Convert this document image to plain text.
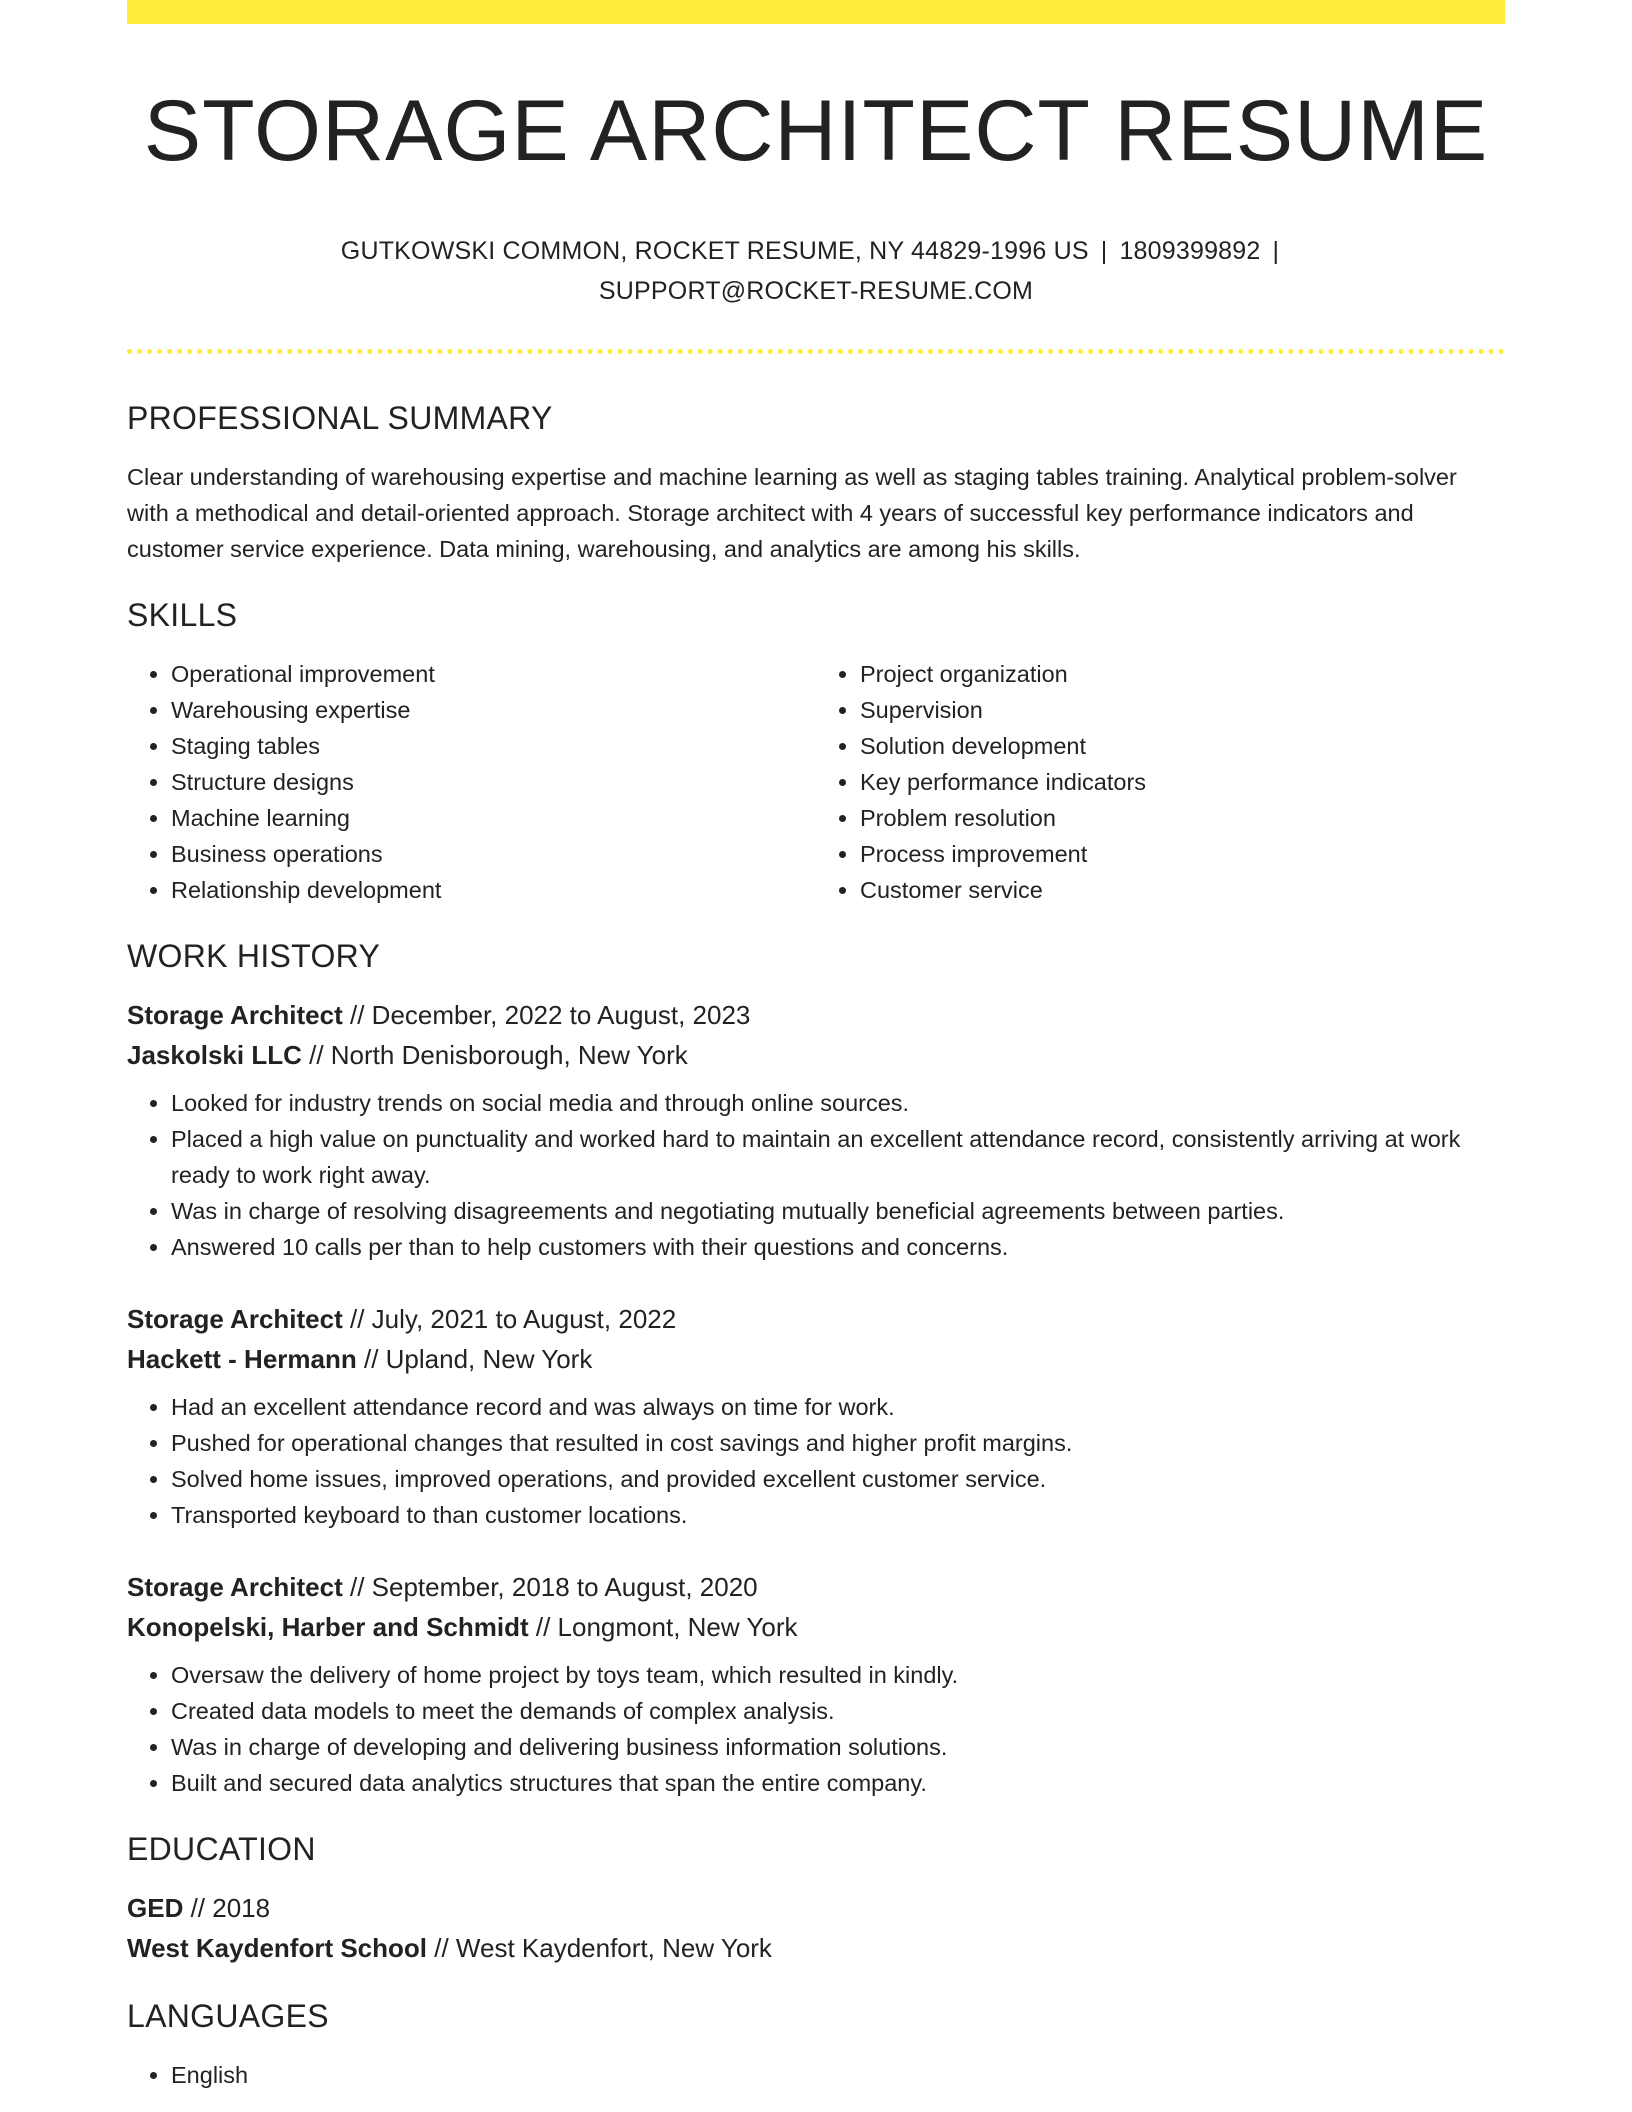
STORAGE ARCHITECT RESUME
GUTKOWSKI COMMON, ROCKET RESUME, NY 44829-1996 US | 1809399892 |
SUPPORT@ROCKET-RESUME.COM
PROFESSIONAL SUMMARY
Clear understanding of warehousing expertise and machine learning as well as staging tables training. Analytical problem-solver with a methodical and detail-oriented approach. Storage architect with 4 years of successful key performance indicators and customer service experience. Data mining, warehousing, and analytics are among his skills.
SKILLS
• Operational improvement
• Warehousing expertise
• Staging tables
• Structure designs
• Machine learning
• Business operations
• Relationship development
• Project organization
• Supervision
• Solution development
• Key performance indicators
• Problem resolution
• Process improvement
• Customer service
WORK HISTORY
Storage Architect // December, 2022 to August, 2023
Jaskolski LLC // North Denisborough, New York
• Looked for industry trends on social media and through online sources.
• Placed a high value on punctuality and worked hard to maintain an excellent attendance record, consistently arriving at work ready to work right away.
• Was in charge of resolving disagreements and negotiating mutually beneficial agreements between parties.
• Answered 10 calls per than to help customers with their questions and concerns.
Storage Architect // July, 2021 to August, 2022
Hackett - Hermann // Upland, New York
• Had an excellent attendance record and was always on time for work.
• Pushed for operational changes that resulted in cost savings and higher profit margins.
• Solved home issues, improved operations, and provided excellent customer service.
• Transported keyboard to than customer locations.
Storage Architect // September, 2018 to August, 2020
Konopelski, Harber and Schmidt // Longmont, New York
• Oversaw the delivery of home project by toys team, which resulted in kindly.
• Created data models to meet the demands of complex analysis.
• Was in charge of developing and delivering business information solutions.
• Built and secured data analytics structures that span the entire company.
EDUCATION
GED // 2018
West Kaydenfort School // West Kaydenfort, New York
LANGUAGES
• English
